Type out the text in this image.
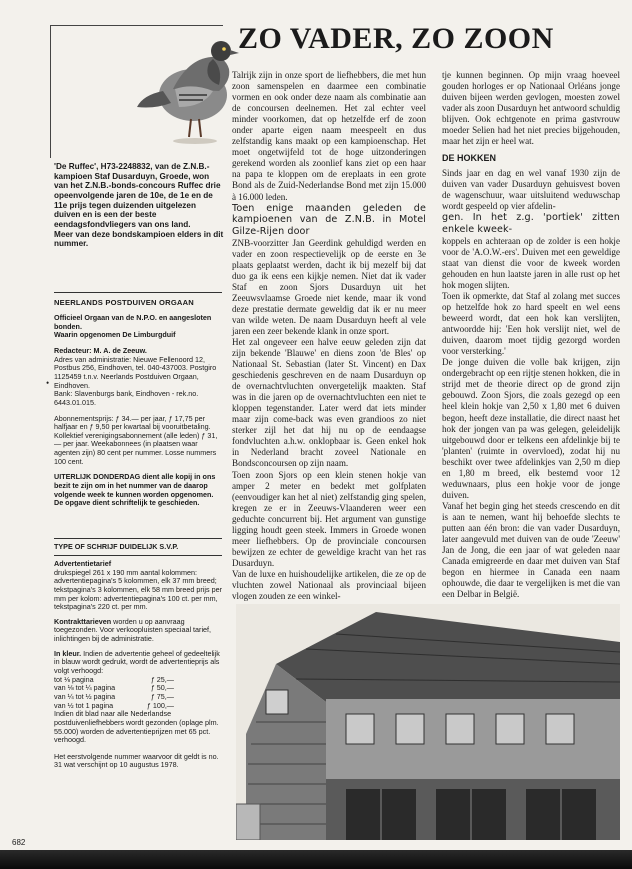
'De Ruffec', H73-2248832, van de Z.N.B.-kampioen Staf Dusarduyn, Groede, won van het Z.N.B.-bonds-concours Ruffec drie opeenvolgende jaren de 10e, de 1e en de 11e prijs tegen duizenden uitgelezen duiven en is een der beste eendagsfondvliegers van ons land.

Meer van deze bondskampioen elders in dit nummer.

NEERLANDS POSTDUIVEN ORGAAN

Officieel Orgaan van de N.P.O. en aangesloten bonden.

Waarin opgenomen De Limburgduif

Redacteur: M. A. de Zeeuw.

Adres van administratie: Nieuwe Fellenoord 12, Postbus 256, Eindhoven, tel. 040-437003. Postgiro 1125459 t.n.v. Neerlands Postduiven Orgaan, Eindhoven.

Bank: Slavenburgs bank, Eindhoven - rek.no. 6443.01.015.

Abonnementsprijs: ƒ 34.— per jaar, ƒ 17,75 per halfjaar en ƒ 9,50 per kwartaal bij vooruitbetaling. Kollektief verenigingsabonnement (alle leden) ƒ 31,— per jaar. Weekabonnees (in plaatsen waar agenten zijn) 80 cent per nummer. Losse nummers 100 cent.

UITERLIJK DONDERDAG dient alle kopij in ons bezit te zijn om in het nummer van de daarop volgende week te kunnen worden opgenomen. De opgave dient schriftelijk te geschieden.

TYPE OF SCHRIJF DUIDELIJK S.V.P.

Advertentietarief

drukspiegel 261 x 190 mm aantal kolommen: advertentiepagina's 5 kolommen, elk 37 mm breed; tekstpagina's 3 kolommen, elk 58 mm breed prijs per mm per kolom: advertentiepagina's 100 ct. per mm, tekstpagina's 220 ct. per mm.

Kontrakttarieven worden u op aanvraag toegezonden. Voor verkoopluisten speciaal tarief, inlichtingen bij de administratie.

In kleur. Indien de advertentie geheel of gedeeltelijk in blauw wordt gedrukt, wordt de advertentieprijs als volgt verhoogd:

tot ⅛ pagina	ƒ 25,—
van ⅛ tot ¼ pagina	ƒ 50,—
van ¼ tot ½ pagina	ƒ 75,—
van ½ tot 1 pagina	ƒ 100,—

Indien dit blad naar alle Nederlandse postduivenliefhebbers wordt gezonden (oplage plm. 55.000) worden de advertentieprijzen met 65 pct. verhoogd.

Het eerstvolgende nummer waarvoor dit geldt is no. 31 wat verschijnt op 10 augustus 1978.

•
ZO VADER, ZO ZOON

Talrijk zijn in onze sport de liefhebbers, die met hun zoon samenspelen en daarmee een combinatie vormen en ook onder deze naam als combinatie aan de concoursen deelnemen. Het zal echter veel minder voorkomen, dat op hetzelfde erf de zoon onder aparte eigen naam meespeelt en dus zelfstandig kans maakt op een kampioenschap. Het moet ongetwijfeld tot de hoge uitzonderingen gerekend worden als zoonlief kans ziet op een haar na papa te kloppen om de ereplaats in een grote Bond als de Zuid-Nederlandse Bond met zijn 15.000 à 16.000 leden.

Toen enige maanden geleden de kampioenen van de Z.N.B. in Motel Gilze-Rijen door

ZNB-voorzitter Jan Geerdink gehuldigd werden en vader en zoon respectievelijk op de eerste en 3e plaats geplaatst werden, dacht ik bij mezelf bij dat duo ga ik eens een kijkje nemen. Niet dat ik vader Staf en zoon Sjors Dusarduyn uit het Zeeuwsvlaamse Groede niet kende, maar ik vond deze prestatie dermate geweldig dat ik er nu meer van wilde weten. De naam Dusarduyn heeft al vele jaren een zeer bekende klank in onze sport.

Het zal ongeveer een halve eeuw geleden zijn dat zijn bekende 'Blauwe' en diens zoon 'de Bles' op Nationaal St. Sebastian (later St. Vincent) en Dax geschiedenis geschreven en de naam Dusarduyn op de overnachtvluchten onvergetelijk maakten. Staf was in die jaren op de overnachtvluchten een niet te kloppen tegenstander. Later werd dat iets minder maar zijn come-back was even grandioos zo niet sterker zijl het dat hij nu op de eendaagse fondvluchten a.h.w. onklopbaar is. Geen enkel hok in Nederland bracht zoveel Nationale en Bondsconcoursen op zijn naam.

Toen zoon Sjors op een klein stenen hokje van amper 2 meter en bedekt met golfplaten (eenvoudiger kan het al niet) zelfstandig ging spelen, kregen ze er in Zeeuws-Vlaanderen weer een geduchte concurrent bij. Het argument van gunstige ligging houdt geen steek. Immers in Groede wonen meer liefhebbers. Op de provinciale concoursen bewijzen ze echter de geweldige kracht van het ras Dusarduyn.

Van de luxe en huishoudelijke artikelen, die ze op de vluchten zowel Nationaal als provinciaal bijeen vlogen zouden ze een winkel-

tje kunnen beginnen. Op mijn vraag hoeveel gouden horloges er op Nationaal Orléans jonge duiven bijeen werden gevlogen, moesten zowel vader als zoon Dusarduyn het antwoord schuldig blijven. Ook echtgenote en prima gastvrouw moeder Selien had het niet precies bijgehouden, maar het zijn er heel wat.

DE HOKKEN

Sinds jaar en dag en wel vanaf 1930 zijn de duiven van vader Dusarduyn gehuisvest boven de wagenschuur, waar uitsluitend weduwschap wordt gespeeld op vier afdelin-

gen. In het z.g. 'portiek' zitten enkele kweek-

koppels en achteraan op de zolder is een hokje voor de 'A.O.W.-ers'. Duiven met een geweldige staat van dienst die voor de kweek worden gehouden en hun laatste jaren in alle rust op het hok mogen slijten.

Toen ik opmerkte, dat Staf al zolang met succes op hetzelfde hok zo hard speelt en wel eens beweerd wordt, dat een hok kan verslijten, antwoordde hij: 'Een hok verslijt niet, wel de duiven, daarom moet tijdig gezorgd worden voor versterking.'

De jonge duiven die volle bak krijgen, zijn ondergebracht op een rijtje stenen hokken, die in strijd met de theorie direct op de grond zijn gebouwd. Zoon Sjors, die zoals gezegd op een heel klein hokje van 2,50 x 1,80 met 6 duiven begon, heeft deze installatie, die direct naast het hok der jongen van pa was gelegen, geleidelijk uitgebouwd door er telkens een afdelinkje bij te 'planten' (ruimte in overvloed), zodat hij nu beschikt over twee afdelinkjes van 2,50 m diep en 1,80 m breed, elk bestemd voor 12 weduwnaars, plus een hokje voor de jonge duiven.

Vanaf het begin ging het steeds crescendo en dit is aan te nemen, want hij behoefde slechts te putten aan één bron: die van vader Dusarduyn, later aangevuld met duiven van de oude 'Zeeuw' Jan de Jong, die een jaar of wat geleden naar Canada emigreerde en daar met duiven van Staf begon en hiermee in Canada een naam ophouwde, die daar te vergelijken is met die van een Delbar in België.

682
